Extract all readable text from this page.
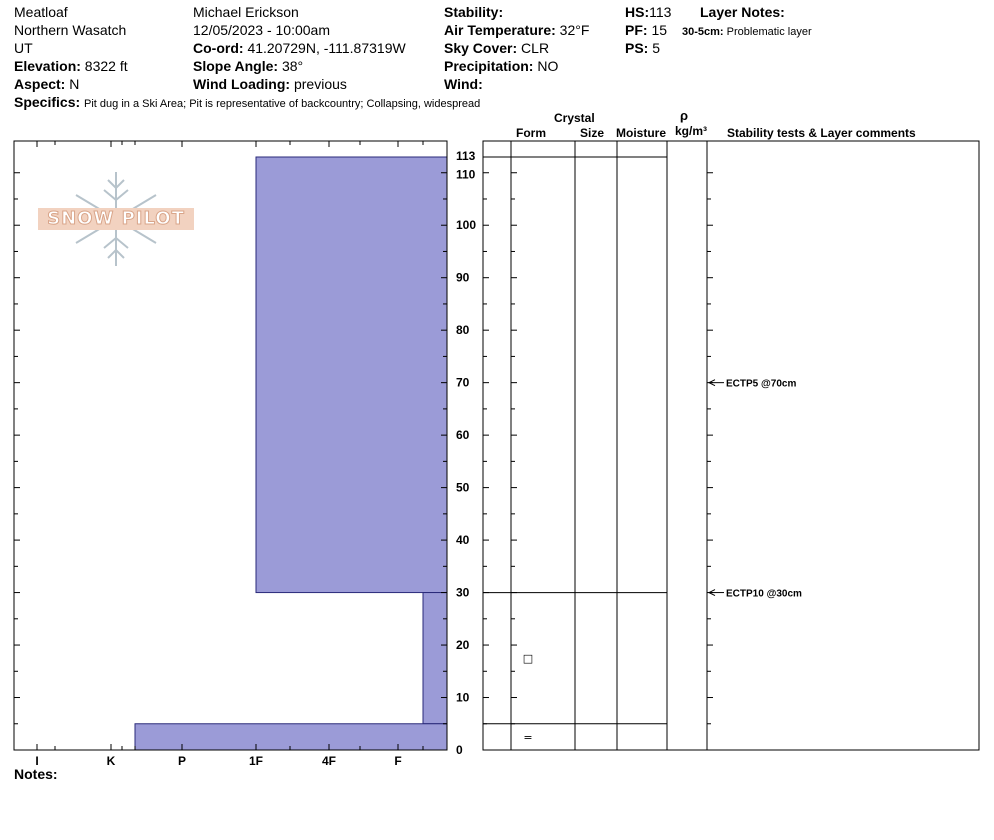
Meatloaf
Northern Wasatch
UT
Elevation: 8322 ft
Aspect: N
Michael Erickson
12/05/2023 - 10:00am
Co-ord: 41.20729N, -111.87319W
Slope Angle: 38°
Wind Loading: previous
Stability:
Air Temperature: 32°F
Sky Cover: CLR
Precipitation: NO
Wind:
HS:113
PF: 15
PS: 5
Layer Notes:
30-5cm: Problematic layer
Specifics: Pit dug in a Ski Area; Pit is representative of backcountry; Collapsing, widespread
Crystal
Form	Size Moisture
ρ
kg/m³ Stability tests & Layer comments
Notes:
SNOW PILOT
I	K	P	1F	4F	F
0
10
20
30
40
50
60
70
80
90
100
110
113
□
=
ECTP5 @70cm
ECTP10 @30cm
